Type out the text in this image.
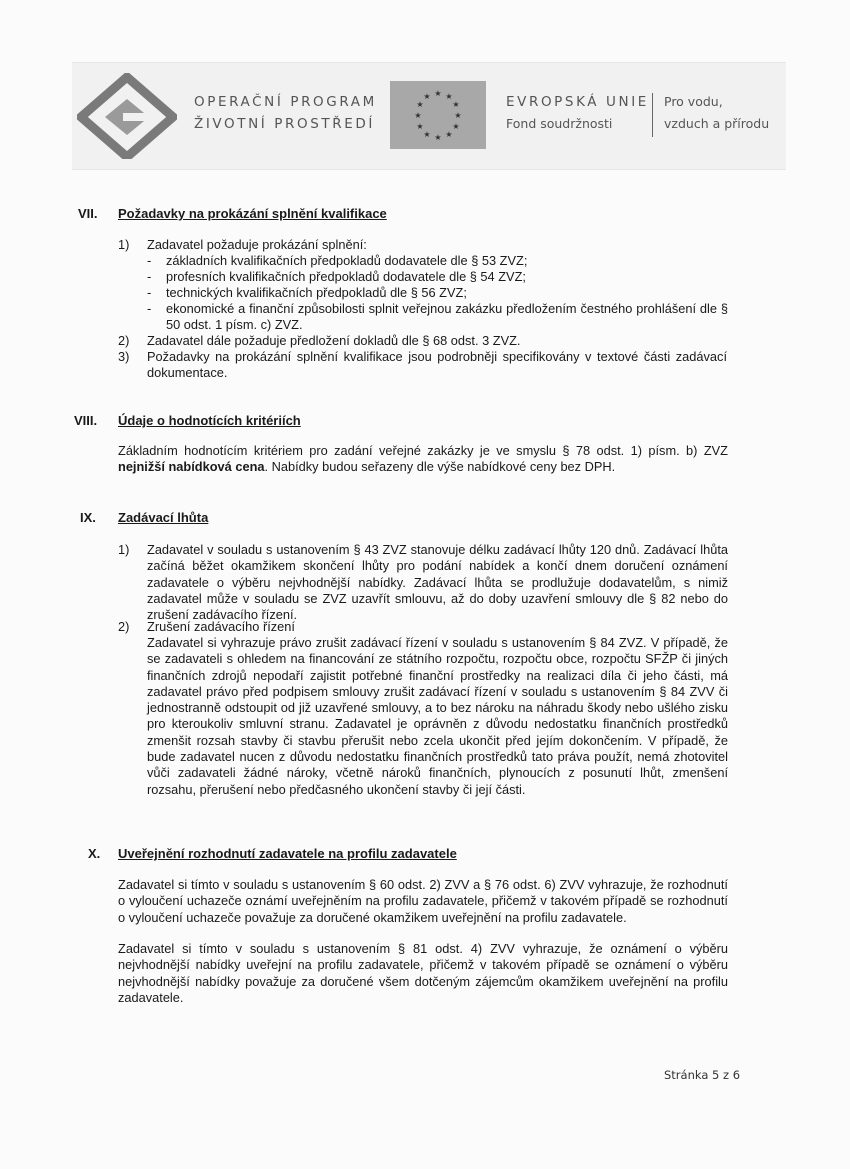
OPERAČNÍ PROGRAM
ŽIVOTNÍ PROSTŘEDÍ
★ ★
★
★
★
★
★
★
★
★
★
★	EVROPSKÁ UNIE
Fond soudržnosti
Pro vodu,
vzduch a přírodu
VII. Požadavky na prokázání splnění kvalifikace
1) Zadavatel požaduje prokázání splnění:
- základních kvalifikačních předpokladů dodavatele dle § 53 ZVZ;
- profesních kvalifikačních předpokladů dodavatele dle § 54 ZVZ;
- technických kvalifikačních předpokladů dle § 56 ZVZ;
- ekonomické a finanční způsobilosti splnit veřejnou zakázku předložením čestného prohlášení dle § 50 odst. 1 písm. c) ZVZ.
2) Zadavatel dále požaduje předložení dokladů dle § 68 odst. 3 ZVZ.
3) Požadavky na prokázání splnění kvalifikace jsou podrobněji specifikovány v textové části zadávací dokumentace.
VIII. Údaje o hodnotících kritériích
Základním hodnotícím kritériem pro zadání veřejné zakázky je ve smyslu § 78 odst. 1) písm. b) ZVZ nejnižší nabídková cena. Nabídky budou seřazeny dle výše nabídkové ceny bez DPH.
IX. Zadávací lhůta
1) Zadavatel v souladu s ustanovením § 43 ZVZ stanovuje délku zadávací lhůty 120 dnů. Zadávací lhůta začíná běžet okamžikem skončení lhůty pro podání nabídek a končí dnem doručení oznámení zadavatele o výběru nejvhodnější nabídky. Zadávací lhůta se prodlužuje dodavatelům, s nimiž zadavatel může v souladu se ZVZ uzavřít smlouvu, až do doby uzavření smlouvy dle § 82 nebo do zrušení zadávacího řízení.
2) Zrušení zadávacího řízení
Zadavatel si vyhrazuje právo zrušit zadávací řízení v souladu s ustanovením § 84 ZVZ. V případě, že se zadavateli s ohledem na financování ze státního rozpočtu, rozpočtu obce, rozpočtu SFŽP či jiných finančních zdrojů nepodaří zajistit potřebné finanční prostředky na realizaci díla či jeho části, má zadavatel právo před podpisem smlouvy zrušit zadávací řízení v souladu s ustanovením § 84 ZVV či jednostranně odstoupit od již uzavřené smlouvy, a to bez nároku na náhradu škody nebo ušlého zisku pro kteroukoliv smluvní stranu. Zadavatel je oprávněn z důvodu nedostatku finančních prostředků zmenšit rozsah stavby či stavbu přerušit nebo zcela ukončit před jejím dokončením. V případě, že bude zadavatel nucen z důvodu nedostatku finančních prostředků tato práva použít, nemá zhotovitel vůči zadavateli žádné nároky, včetně nároků finančních, plynoucích z posunutí lhůt, zmenšení rozsahu, přerušení nebo předčasného ukončení stavby či její části.
X. Uveřejnění rozhodnutí zadavatele na profilu zadavatele
Zadavatel si tímto v souladu s ustanovením § 60 odst. 2) ZVV a § 76 odst. 6) ZVV vyhrazuje, že rozhodnutí o vyloučení uchazeče oznámí uveřejněním na profilu zadavatele, přičemž v takovém případě se rozhodnutí o vyloučení uchazeče považuje za doručené okamžikem uveřejnění na profilu zadavatele.
Zadavatel si tímto v souladu s ustanovením § 81 odst. 4) ZVV vyhrazuje, že oznámení o výběru nejvhodnější nabídky uveřejní na profilu zadavatele, přičemž v takovém případě se oznámení o výběru nejvhodnější nabídky považuje za doručené všem dotčeným zájemcům okamžikem uveřejnění na profilu zadavatele.
Stránka 5 z 6
